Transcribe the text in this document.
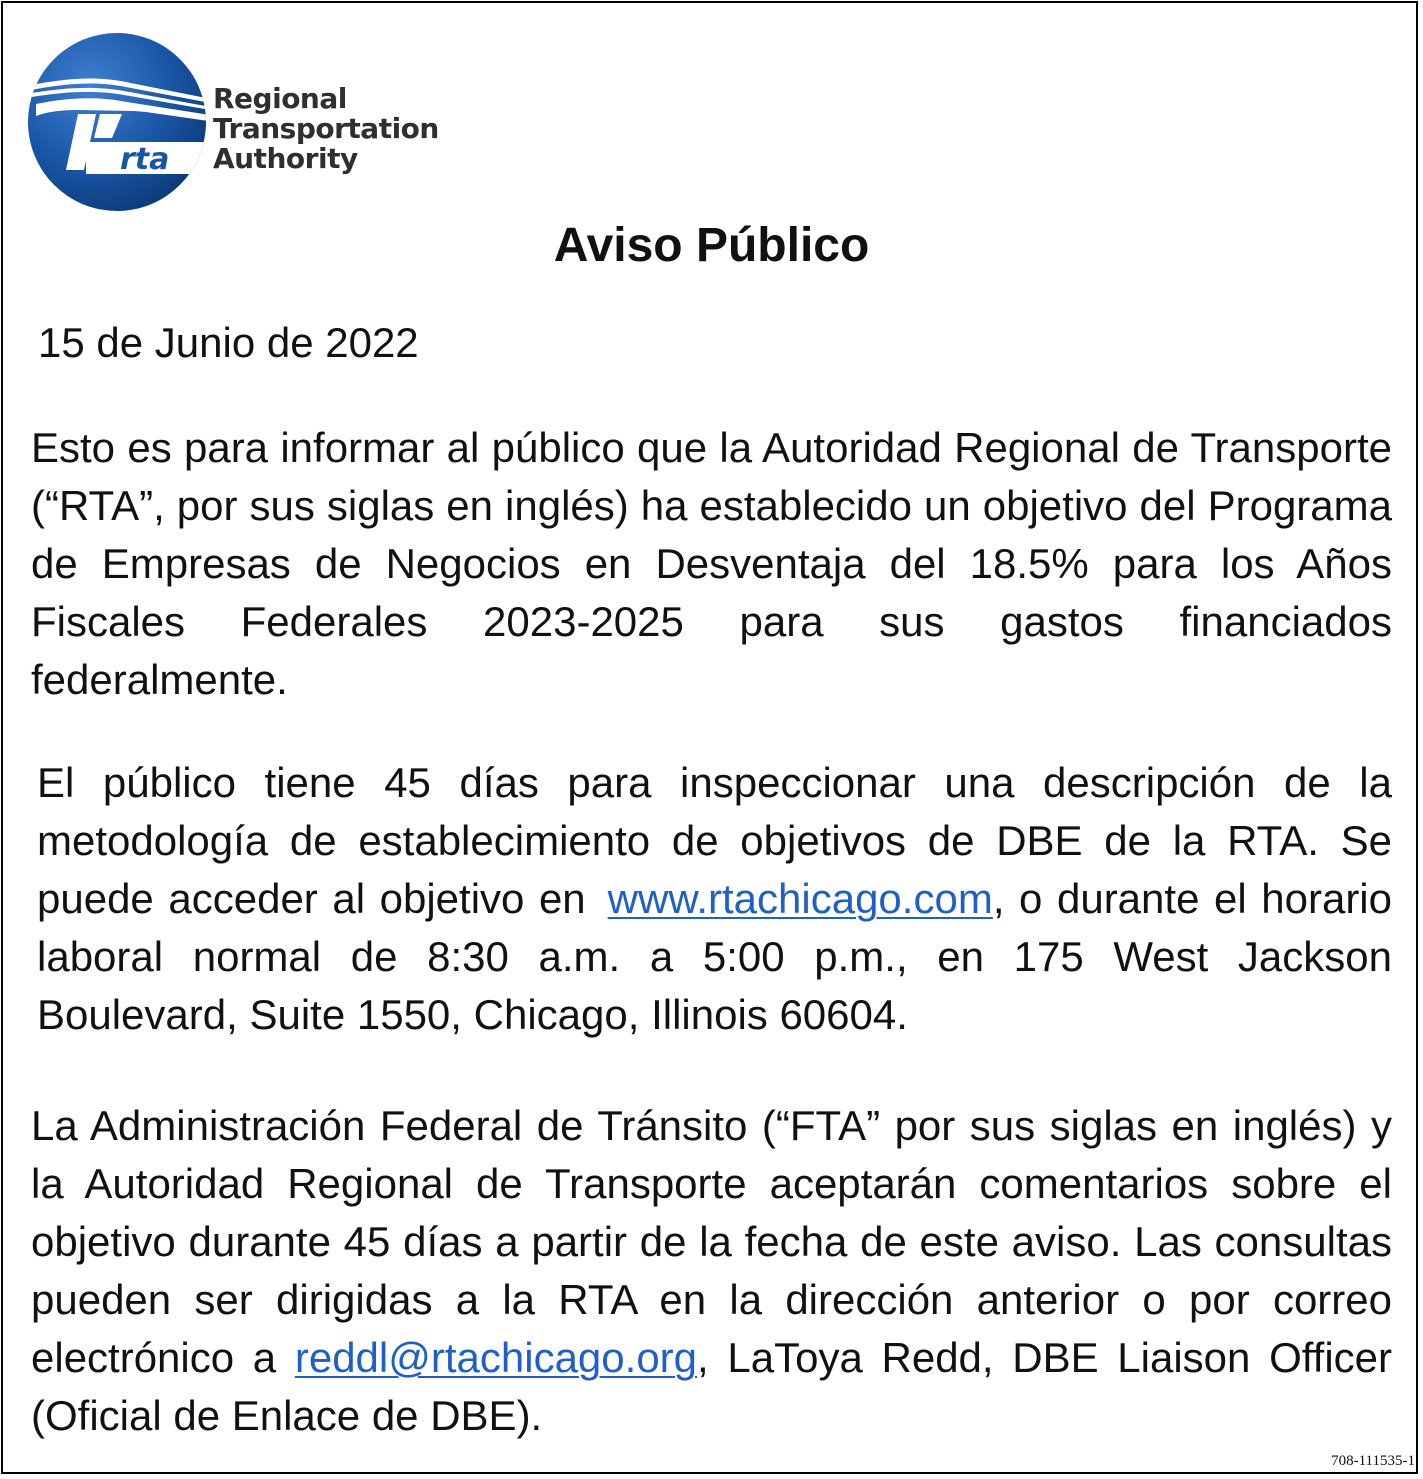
rta
Regional
Transportation
Authority
Aviso Público
15 de Junio de 2022

Esto es para informar al público que la Autoridad Regional de Transporte (“RTA”, por sus siglas en inglés) ha establecido un objetivo del Programa de Empresas de Negocios en Desventaja del 18.5% para los Años Fiscales Federales 2023-2025 para sus gastos financiados federalmente.

El público tiene 45 días para inspeccionar una descripción de la metodología de establecimiento de objetivos de DBE de la RTA. Se puede acceder al objetivo en www.rtachicago.com, o durante el horario laboral normal de 8:30 a.m. a 5:00 p.m., en 175 West Jackson Boulevard, Suite 1550, Chicago, Illinois 60604.

La Administración Federal de Tránsito (“FTA” por sus siglas en inglés) y la Autoridad Regional de Transporte aceptarán comentarios sobre el objetivo durante 45 días a partir de la fecha de este aviso. Las consultas pueden ser dirigidas a la RTA en la dirección anterior o por correo electrónico a reddl@rtachicago.org, LaToya Redd, DBE Liaison Officer (Oficial de Enlace de DBE).

708-111535-1
